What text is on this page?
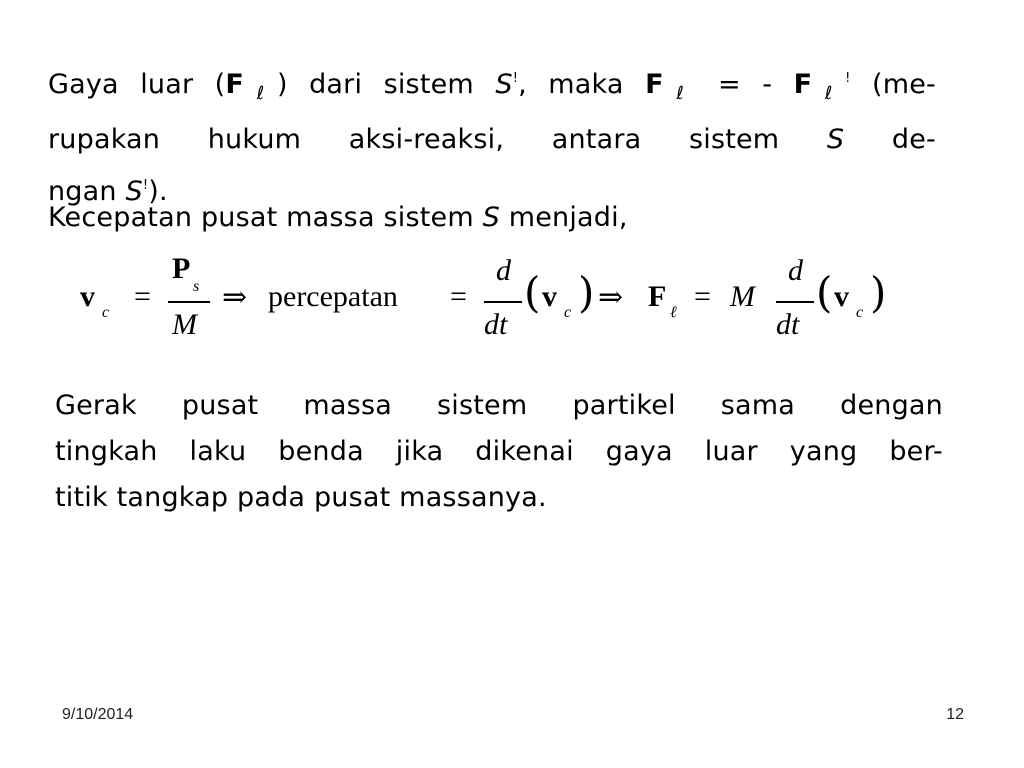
Gaya luar $(F_\ell)$ dari sistem S!, maka $F_\ell$ = - $F_\ell^!$ (me-
rupakan hukum aksi-reaksi, antara sistem S de-
ngan S!).
Kecepatan pusat massa sistem S menjadi,
v c =
P
s
M
⇒ percepatan =
d
dt
( v c ) ⇒ F ℓ = M
d
dt
( v c )
Gerak pusat massa sistem partikel sama dengan
tingkah laku benda jika dikenai gaya luar yang ber-
titik tangkap pada pusat massanya.
9/10/2014	12
